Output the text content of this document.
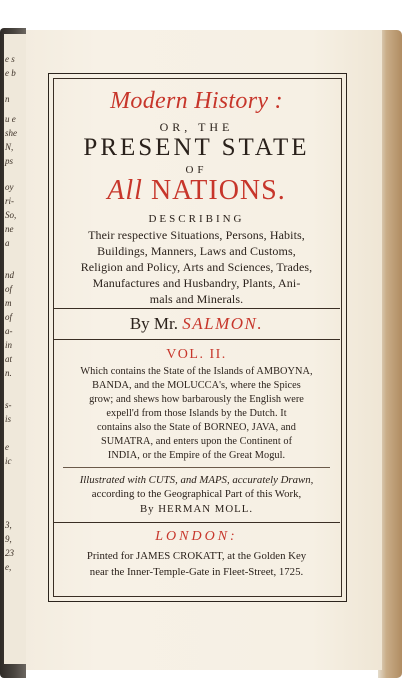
e s
e b
n
u e
she
N,
ps
oy
ri-
So,
ne
a
nd
of
m
of
a-
in
at
n.
s-
is
e
ic
3,
9,
23
e,
Modern History :
OR, THE
PRESENT STATE
OF
All NATIONS.
DESCRIBING
Their respective Situations, Persons, Habits,
Buildings, Manners, Laws and Customs,
Religion and Policy, Arts and Sciences, Trades,
Manufactures and Husbandry, Plants, Ani-
mals and Minerals.
By Mr. SALMON.
VOL. II.
Which contains the State of the Islands of AMBOYNA,
BANDA, and the MOLUCCA's, where the Spices
grow; and shews how barbarously the English were
expell'd from those Islands by the Dutch. It
contains also the State of BORNEO, JAVA, and
SUMATRA, and enters upon the Continent of
INDIA, or the Empire of the Great Mogul.
Illustrated with CUTS, and MAPS, accurately Drawn,
according to the Geographical Part of this Work,
By HERMAN MOLL.
LONDON:
Printed for JAMES CROKATT, at the Golden Key
near the Inner-Temple-Gate in Fleet-Street, 1725.
